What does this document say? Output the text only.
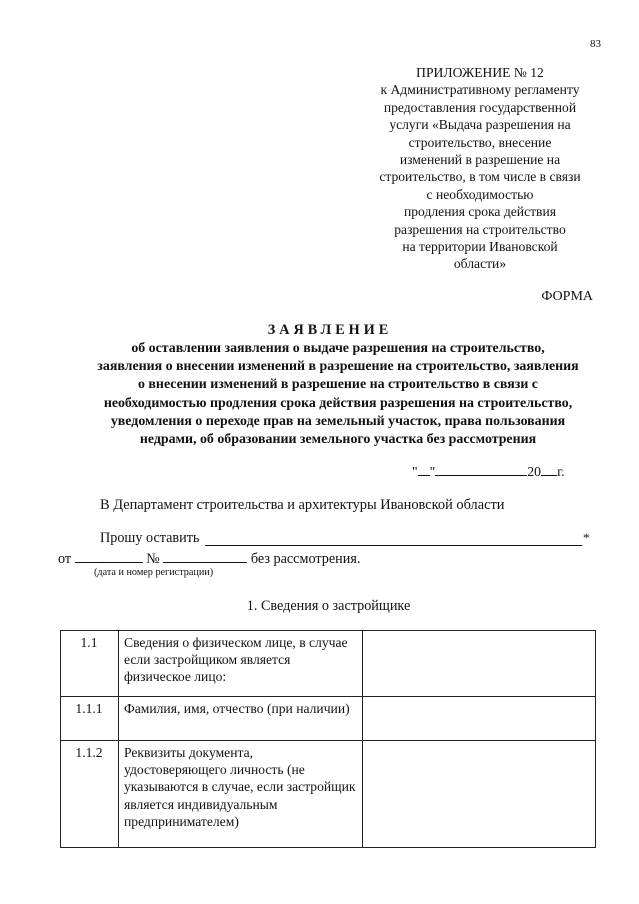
83
ПРИЛОЖЕНИЕ № 12
к Административному регламенту
предоставления государственной
услуги «Выдача разрешения на
строительство, внесение
изменений в разрешение на
строительство, в том числе в связи
с необходимостью
продления срока действия
разрешения на строительство
на территории Ивановской
области»
ФОРМА
ЗАЯВЛЕНИЕ
об оставлении заявления о выдаче разрешения на строительство,
заявления о внесении изменений в разрешение на строительство, заявления
о внесении изменений в разрешение на строительство в связи с
необходимостью продления срока действия разрешения на строительство,
уведомления о переходе прав на земельный участок, права пользования
недрами, об образовании земельного участка без рассмотрения
" "	20 г.
В Департамент строительства и архитектуры Ивановской области
Прошу оставить	*
от	№	без рассмотрения.
(дата и номер регистрации)
1. Сведения о застройщике
1.1	Сведения о физическом лице, в случае если застройщиком является физическое лицо:	
1.1.1	Фамилия, имя, отчество (при наличии)	
1.1.2	Реквизиты документа, удостоверяющего личность (не указываются в случае, если застройщик является индивидуальным предпринимателем)	
